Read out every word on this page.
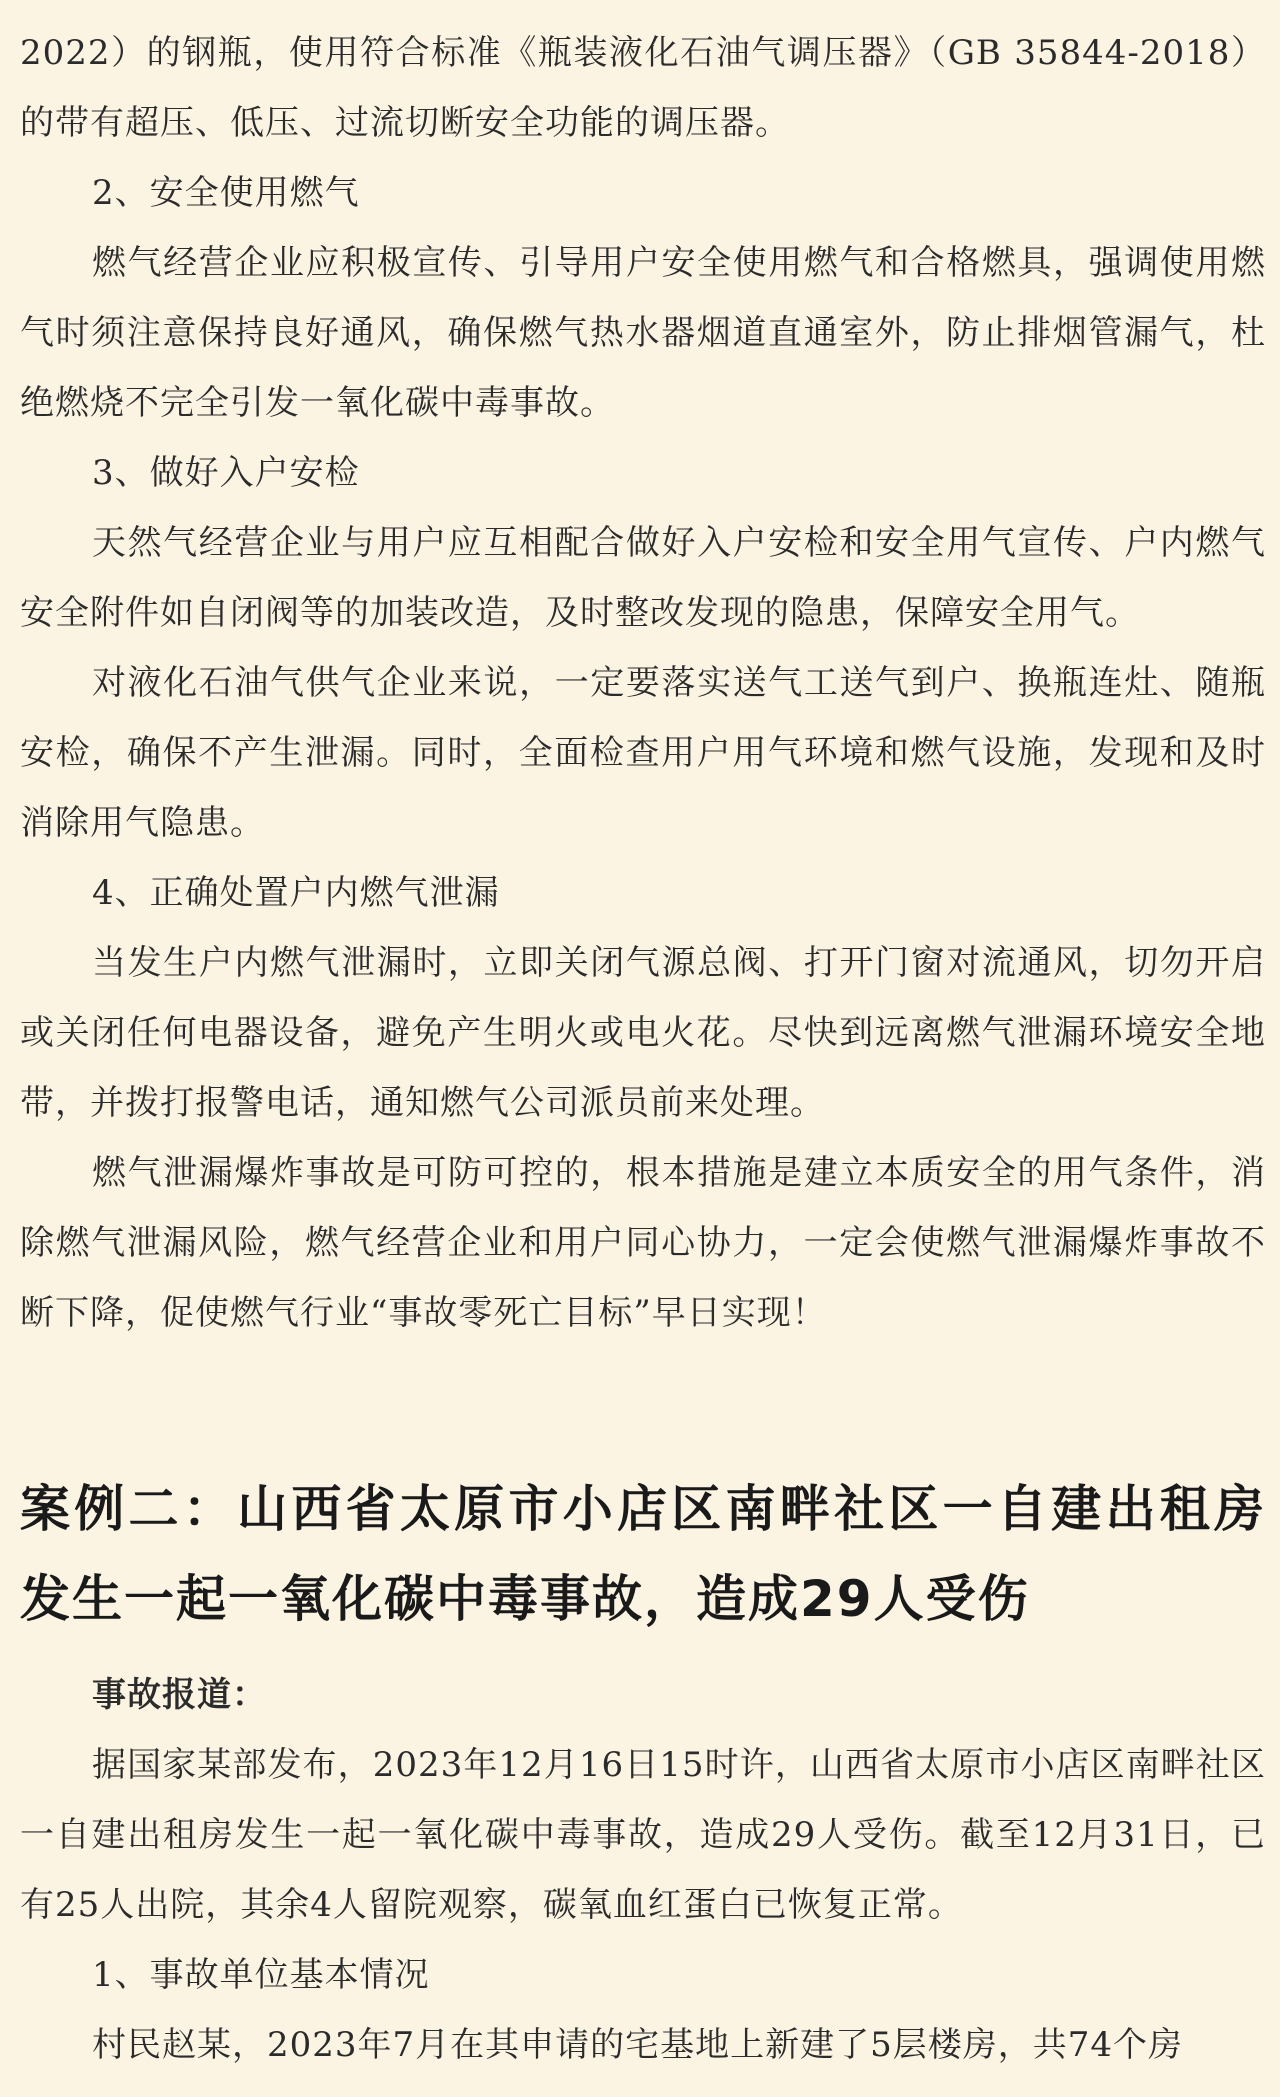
2022）的钢瓶，使用符合标准《瓶装液化石油气调压器》（GB 35844-2018）的带有超压、低压、过流切断安全功能的调压器。

2、安全使用燃气

燃气经营企业应积极宣传、引导用户安全使用燃气和合格燃具，强调使用燃气时须注意保持良好通风，确保燃气热水器烟道直通室外，防止排烟管漏气，杜绝燃烧不完全引发一氧化碳中毒事故。

3、做好入户安检

天然气经营企业与用户应互相配合做好入户安检和安全用气宣传、户内燃气安全附件如自闭阀等的加装改造，及时整改发现的隐患，保障安全用气。

对液化石油气供气企业来说，一定要落实送气工送气到户、换瓶连灶、随瓶安检，确保不产生泄漏。同时，全面检查用户用气环境和燃气设施，发现和及时消除用气隐患。

4、正确处置户内燃气泄漏

当发生户内燃气泄漏时，立即关闭气源总阀、打开门窗对流通风，切勿开启或关闭任何电器设备，避免产生明火或电火花。尽快到远离燃气泄漏环境安全地带，并拨打报警电话，通知燃气公司派员前来处理。

燃气泄漏爆炸事故是可防可控的，根本措施是建立本质安全的用气条件，消除燃气泄漏风险，燃气经营企业和用户同心协力，一定会使燃气泄漏爆炸事故不断下降，促使燃气行业“事故零死亡目标”早日实现！

案例二：山西省太原市小店区南畔社区一自建出租房发生一起一氧化碳中毒事故，造成29人受伤

事故报道：

据国家某部发布，2023年12月16日15时许，山西省太原市小店区南畔社区一自建出租房发生一起一氧化碳中毒事故，造成29人受伤。截至12月31日，已有25人出院，其余4人留院观察，碳氧血红蛋白已恢复正常。

1、事故单位基本情况

村民赵某，2023年7月在其申请的宅基地上新建了5层楼房，共74个房
